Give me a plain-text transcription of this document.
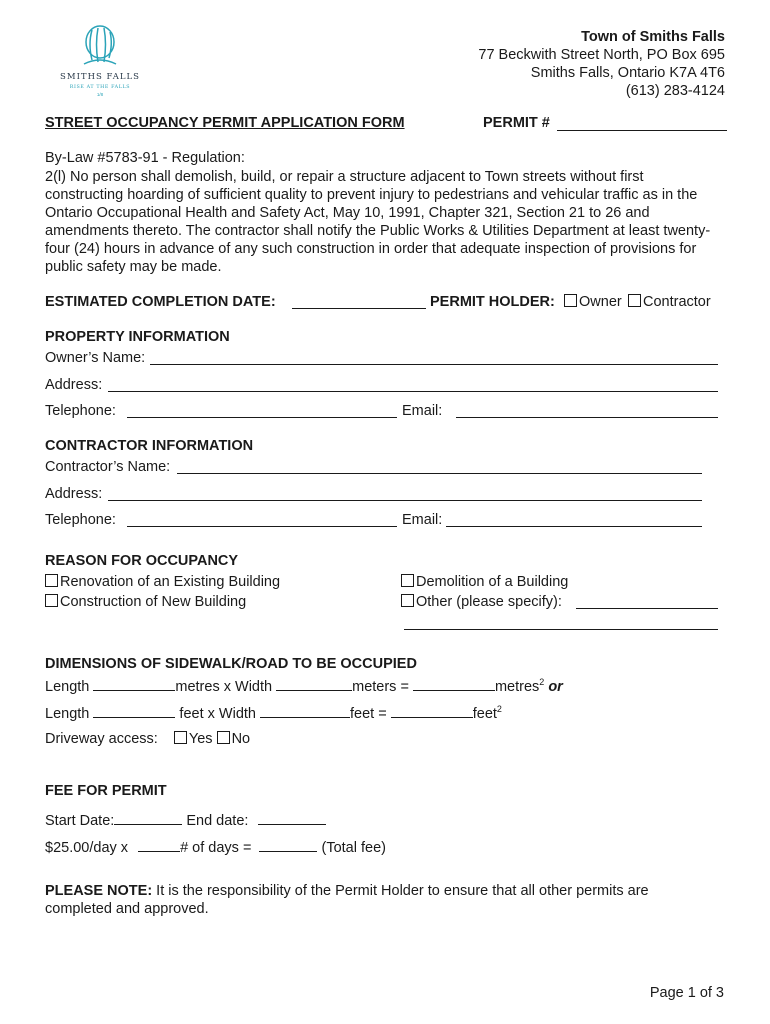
SMITHS FALLS
RISE AT THE FALLS
1/8
Town of Smiths Falls
77 Beckwith Street North, PO Box 695
Smiths Falls, Ontario K7A 4T6
(613) 283-4124
STREET OCCUPANCY PERMIT APPLICATION FORM	PERMIT #
By-Law #5783-91 - Regulation:
2(l) No person shall demolish, build, or repair a structure adjacent to Town streets without first constructing hoarding of sufficient quality to prevent injury to pedestrians and vehicular traffic as in the Ontario Occupational Health and Safety Act, May 10, 1991, Chapter 321, Section 21 to 26 and amendments thereto. The contractor shall notify the Public Works & Utilities Department at least twenty-four (24) hours in advance of any such construction in order that adequate inspection of provisions for public safety may be made.
ESTIMATED COMPLETION DATE:	PERMIT HOLDER:	Owner	Contractor
PROPERTY INFORMATION
Owner’s Name:
Address:
Telephone:	Email:
CONTRACTOR INFORMATION
Contractor’s Name:
Address:
Telephone:	Email:
REASON FOR OCCUPANCY
Renovation of an Existing Building
Construction of New Building
Demolition of a Building
Other (please specify):
DIMENSIONS OF SIDEWALK/ROAD TO BE OCCUPIED
Length	metres x Width	meters =	metres$^2$ or
Length	feet x Width	feet =	feet$^2$
Driveway access: Yes No
FEE FOR PERMIT
Start Date:	End date:
$25.00/day x	# of days =	(Total fee)
PLEASE NOTE: It is the responsibility of the Permit Holder to ensure that all other permits are completed and approved.
Page 1 of 3
